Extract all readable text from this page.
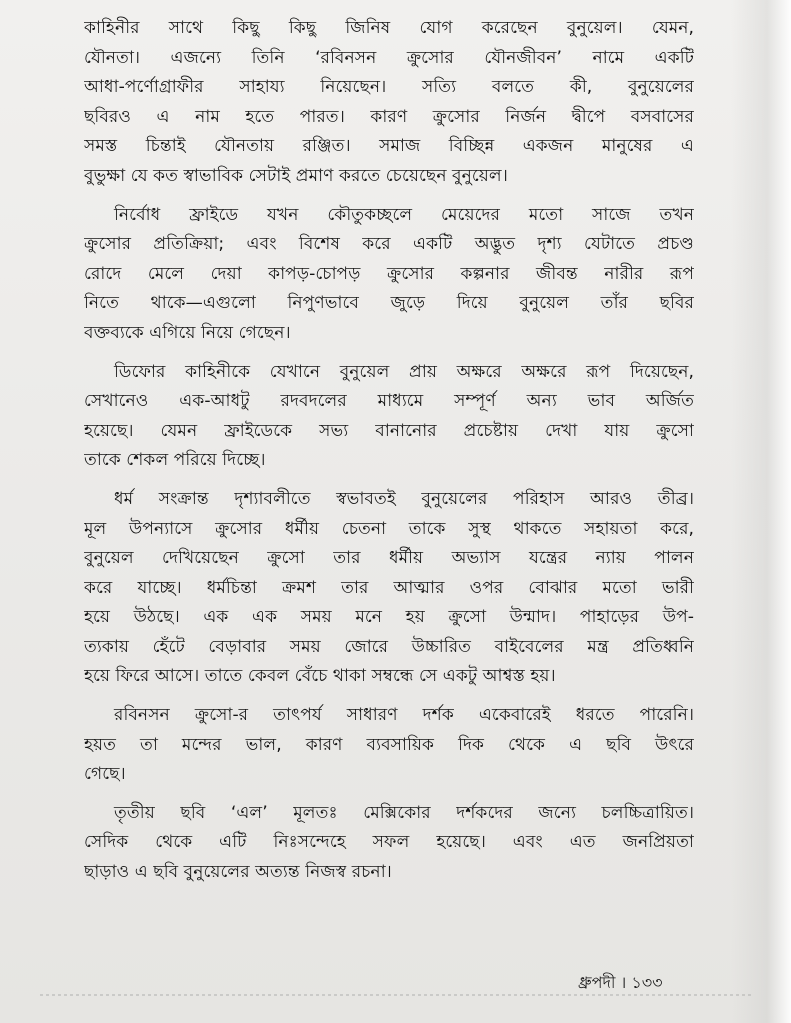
কাহিনীর সাথে কিছু কিছু জিনিষ যোগ করেছেন বুনুয়েল। যেমন,
যৌনতা। এজন্যে তিনি ‘রবিনসন ক্রুসোর যৌনজীবন’ নামে একটি
আধা-পর্ণোগ্রাফীর সাহায্য নিয়েছেন। সত্যি বলতে কী, বুনুয়েলের
ছবিরও এ নাম হতে পারত। কারণ ক্রুসোর নির্জন দ্বীপে বসবাসের
সমস্ত চিন্তাই যৌনতায় রঞ্জিত। সমাজ বিচ্ছিন্ন একজন মানুষের এ
বুভুক্ষা যে কত স্বাভাবিক সেটাই প্রমাণ করতে চেয়েছেন বুনুয়েল।
নির্বোধ ফ্রাইডে যখন কৌতুকচ্ছলে মেয়েদের মতো সাজে তখন
ক্রুসোর প্রতিক্রিয়া; এবং বিশেষ করে একটি অদ্ভুত দৃশ্য যেটাতে প্রচণ্ড
রোদে মেলে দেয়া কাপড়-চোপড় ক্রুসোর কল্পনার জীবন্ত নারীর রূপ
নিতে থাকে—এগুলো নিপুণভাবে জুড়ে দিয়ে বুনুয়েল তাঁর ছবির
বক্তব্যকে এগিয়ে নিয়ে গেছেন।
ডিফোর কাহিনীকে যেখানে বুনুয়েল প্রায় অক্ষরে অক্ষরে রূপ দিয়েছেন,
সেখানেও এক-আধটু রদবদলের মাধ্যমে সম্পূর্ণ অন্য ভাব অর্জিত
হয়েছে। যেমন ফ্রাইডেকে সভ্য বানানোর প্রচেষ্টায় দেখা যায় ক্রুসো
তাকে শেকল পরিয়ে দিচ্ছে।
ধর্ম সংক্রান্ত দৃশ্যাবলীতে স্বভাবতই বুনুয়েলের পরিহাস আরও তীব্র।
মূল উপন্যাসে ক্রুসোর ধর্মীয় চেতনা তাকে সুস্থ থাকতে সহায়তা করে,
বুনুয়েল দেখিয়েছেন ক্রুসো তার ধর্মীয় অভ্যাস যন্ত্রের ন্যায় পালন
করে যাচ্ছে। ধর্মচিন্তা ক্রমশ তার আত্মার ওপর বোঝার মতো ভারী
হয়ে উঠছে। এক এক সময় মনে হয় ক্রুসো উন্মাদ। পাহাড়ের উপ-
ত্যকায় হেঁটে বেড়াবার সময় জোরে উচ্চারিত বাইবেলের মন্ত্র প্রতিধ্বনি
হয়ে ফিরে আসে। তাতে কেবল বেঁচে থাকা সম্বন্ধে সে একটু আশ্বস্ত হয়।
রবিনসন ক্রুসো-র তাৎপর্য সাধারণ দর্শক একেবারেই ধরতে পারেনি।
হয়ত তা মন্দের ভাল, কারণ ব্যবসায়িক দিক থেকে এ ছবি উৎরে
গেছে।
তৃতীয় ছবি ‘এল’ মূলতঃ মেক্সিকোর দর্শকদের জন্যে চলচ্চিত্রায়িত।
সেদিক থেকে এটি নিঃসন্দেহে সফল হয়েছে। এবং এত জনপ্রিয়তা
ছাড়াও এ ছবি বুনুয়েলের অত্যন্ত নিজস্ব রচনা।
ধ্রুপদী । ১৩৩
